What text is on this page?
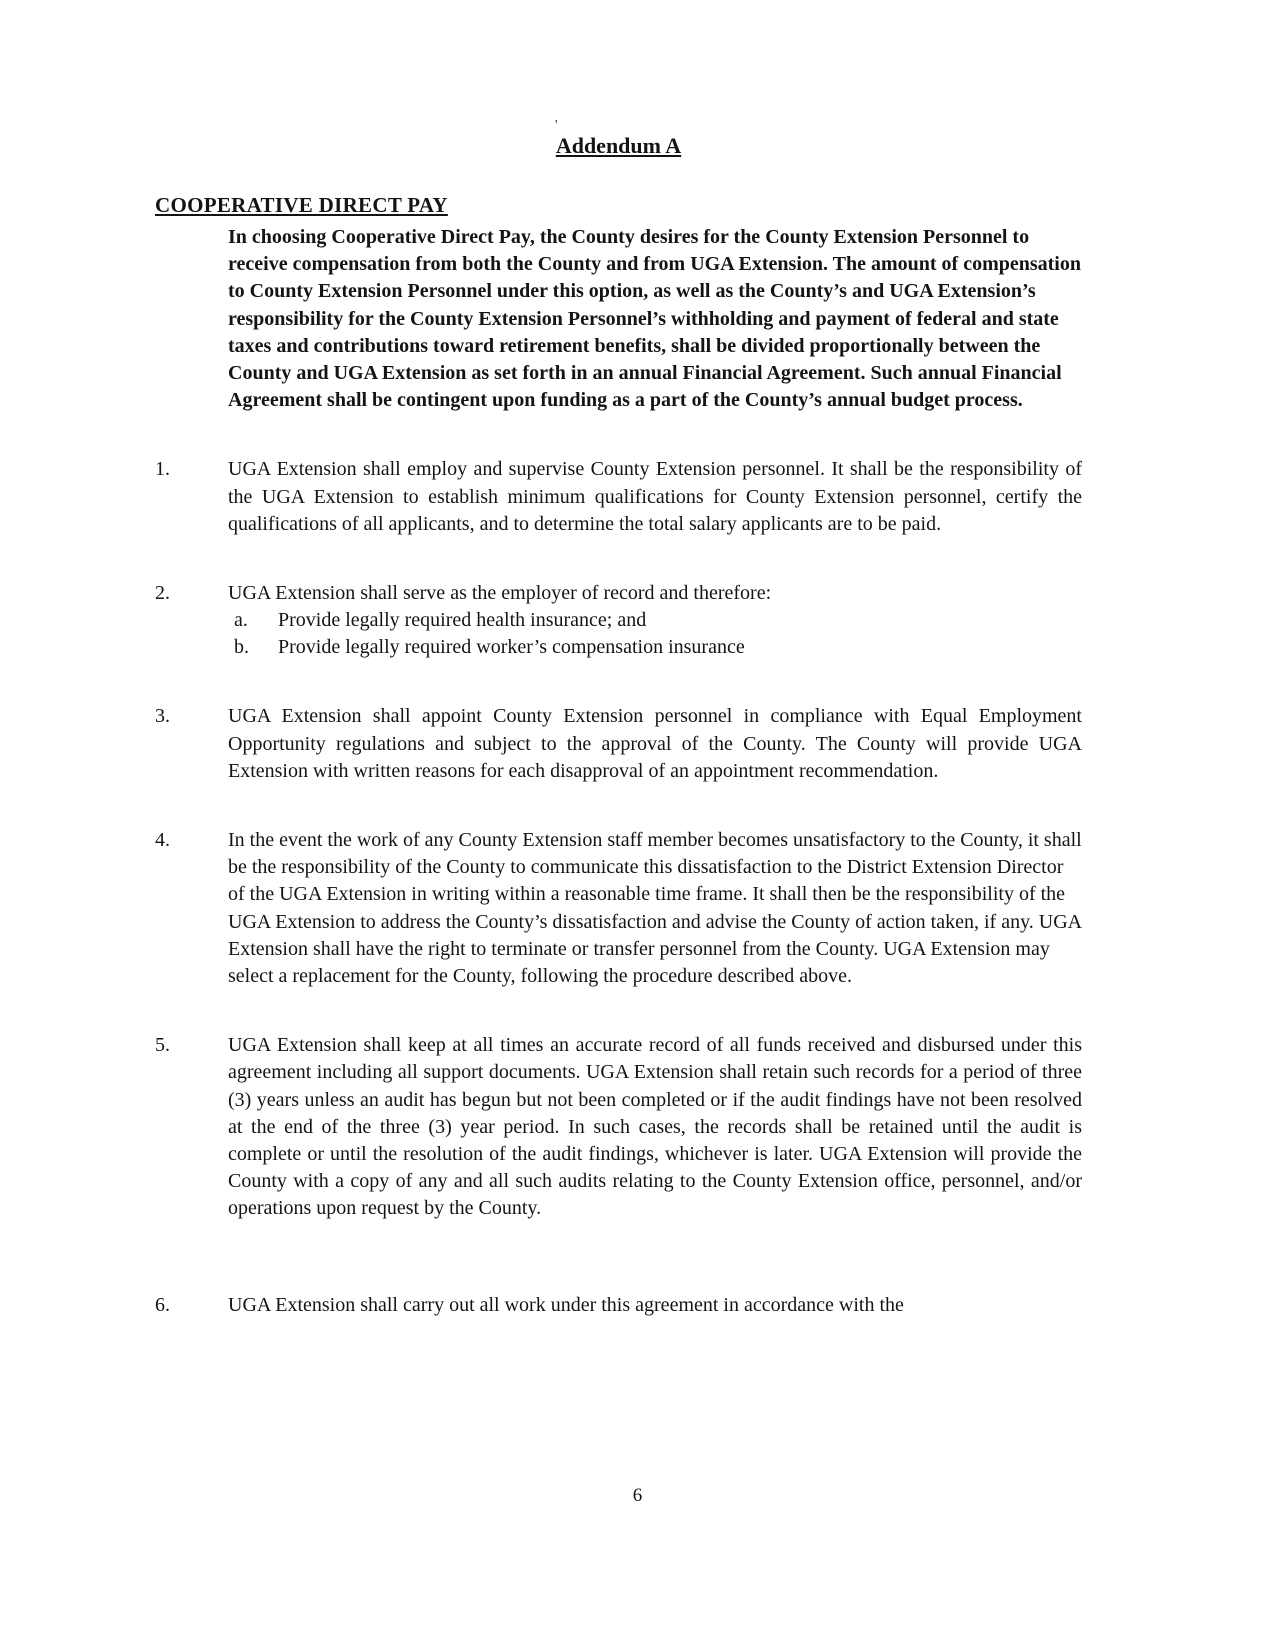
'
Addendum A
COOPERATIVE DIRECT PAY

In choosing Cooperative Direct Pay, the County desires for the County Extension Personnel to receive compensation from both the County and from UGA Extension. The amount of compensation to County Extension Personnel under this option, as well as the County’s and UGA Extension’s responsibility for the County Extension Personnel’s withholding and payment of federal and state taxes and contributions toward retirement benefits, shall be divided proportionally between the County and UGA Extension as set forth in an annual Financial Agreement. Such annual Financial Agreement shall be contingent upon funding as a part of the County’s annual budget process.

1.	UGA Extension shall employ and supervise County Extension personnel. It shall be the responsibility of the UGA Extension to establish minimum qualifications for County Extension personnel, certify the qualifications of all applicants, and to determine the total salary applicants are to be paid.

2.	UGA Extension shall serve as the employer of record and therefore:

a.	Provide legally required health insurance; and
b.	Provide legally required worker’s compensation insurance
3.	UGA Extension shall appoint County Extension personnel in compliance with Equal Employment Opportunity regulations and subject to the approval of the County. The County will provide UGA Extension with written reasons for each disapproval of an appointment recommendation.

4.	In the event the work of any County Extension staff member becomes unsatisfactory to the County, it shall be the responsibility of the County to communicate this dissatisfaction to the District Extension Director of the UGA Extension in writing within a reasonable time frame. It shall then be the responsibility of the UGA Extension to address the County’s dissatisfaction and advise the County of action taken, if any. UGA Extension shall have the right to terminate or transfer personnel from the County. UGA Extension may select a replacement for the County, following the procedure described above.

5.	UGA Extension shall keep at all times an accurate record of all funds received and disbursed under this agreement including all support documents. UGA Extension shall retain such records for a period of three (3) years unless an audit has begun but not been completed or if the audit findings have not been resolved at the end of the three (3) year period. In such cases, the records shall be retained until the audit is complete or until the resolution of the audit findings, whichever is later. UGA Extension will provide the County with a copy of any and all such audits relating to the County Extension office, personnel, and/or operations upon request by the County.

6.	UGA Extension shall carry out all work under this agreement in accordance with the

6
